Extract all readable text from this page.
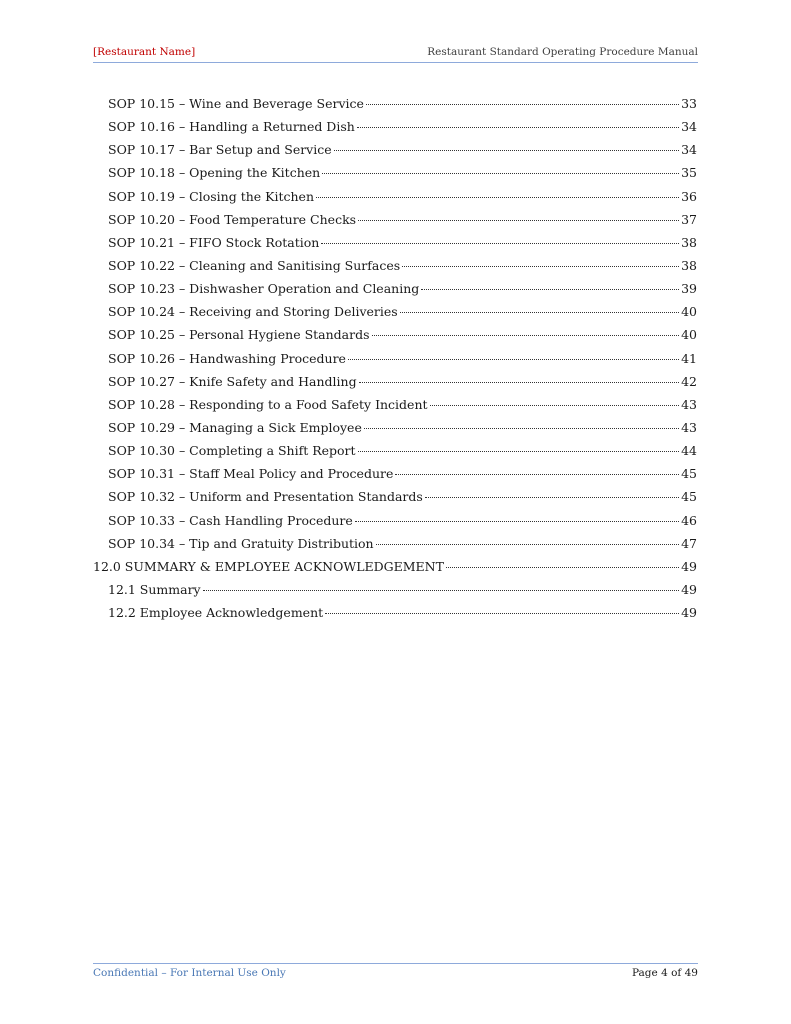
[Restaurant Name]	Restaurant Standard Operating Procedure Manual
SOP 10.15 – Wine and Beverage Service	33
SOP 10.16 – Handling a Returned Dish	34
SOP 10.17 – Bar Setup and Service	34
SOP 10.18 – Opening the Kitchen	35
SOP 10.19 – Closing the Kitchen	36
SOP 10.20 – Food Temperature Checks	37
SOP 10.21 – FIFO Stock Rotation	38
SOP 10.22 – Cleaning and Sanitising Surfaces	38
SOP 10.23 – Dishwasher Operation and Cleaning	39
SOP 10.24 – Receiving and Storing Deliveries	40
SOP 10.25 – Personal Hygiene Standards	40
SOP 10.26 – Handwashing Procedure	41
SOP 10.27 – Knife Safety and Handling	42
SOP 10.28 – Responding to a Food Safety Incident	43
SOP 10.29 – Managing a Sick Employee	43
SOP 10.30 – Completing a Shift Report	44
SOP 10.31 – Staff Meal Policy and Procedure	45
SOP 10.32 – Uniform and Presentation Standards	45
SOP 10.33 – Cash Handling Procedure	46
SOP 10.34 – Tip and Gratuity Distribution	47
12.0 SUMMARY & EMPLOYEE ACKNOWLEDGEMENT	49
12.1 Summary	49
12.2 Employee Acknowledgement	49
Confidential – For Internal Use Only	Page 4 of 49
